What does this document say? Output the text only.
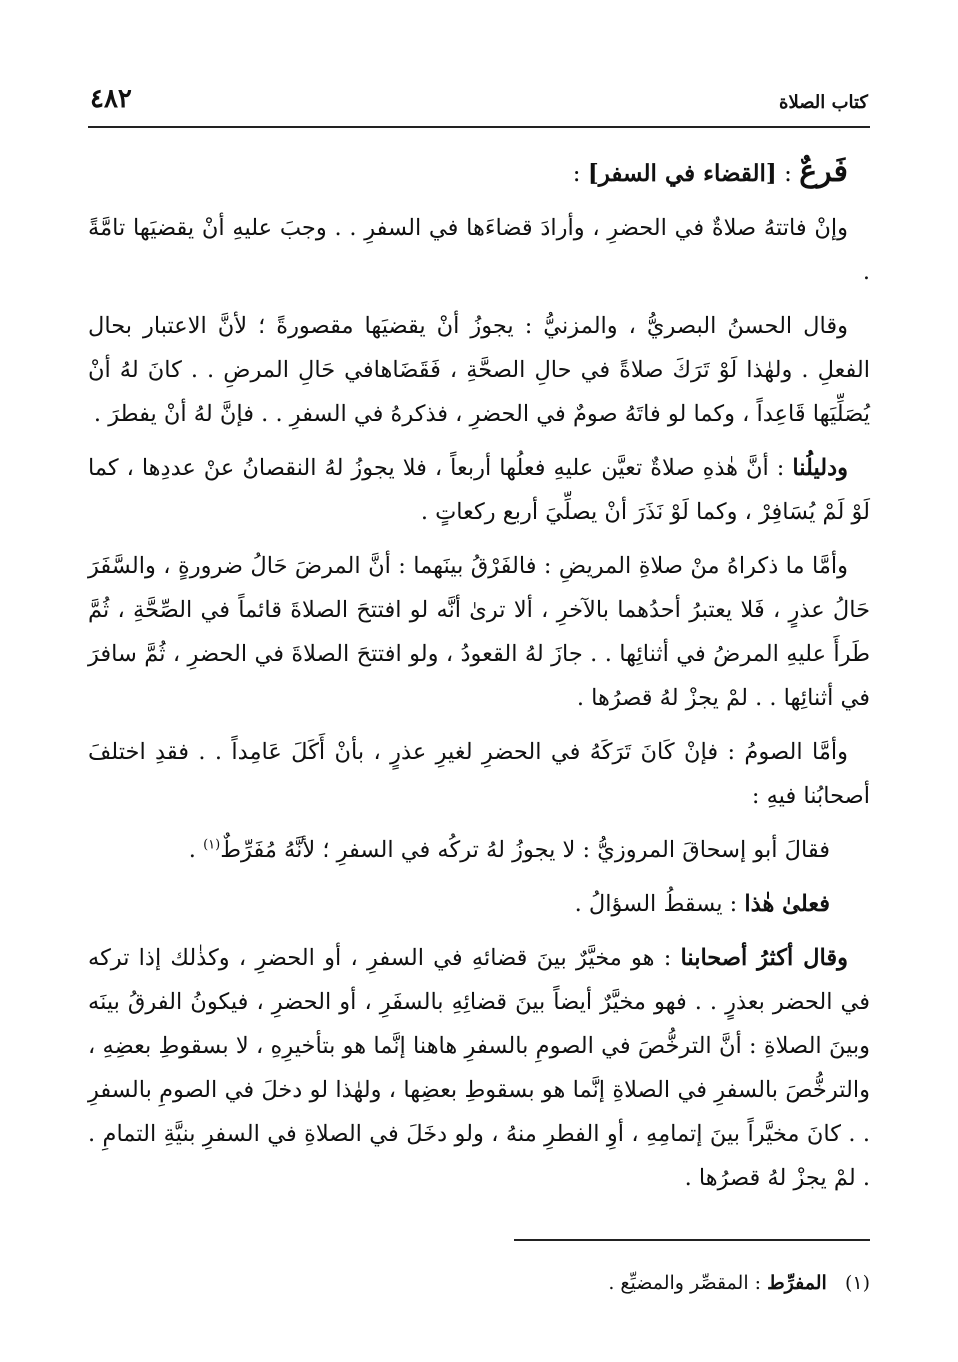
٤٨٢	كتاب الصلاة

فَرعٌ : [القضاء في السفر] :

وإنْ فاتتهُ صلاةٌ في الحضرِ ، وأرادَ قضاءَها في السفرِ . . وجبَ عليهِ أنْ يقضيَها تامَّةً .

وقال الحسنُ البصريُّ ، والمزنيُّ : يجوزُ أنْ يقضيَها مقصورةً ؛ لأنَّ الاعتبار بحال الفعلِ . ولهٰذا لَوْ تَرَكَ صلاةً في حالِ الصحَّةِ ، فَقَضَاهافي حَالِ المرضِ . . كانَ لهُ أنْ يُصَلِّيَها قَاعِداً ، وكما لو فاتَهُ صومٌ في الحضرِ ، فذكرهُ في السفرِ . . فإنَّ لهُ أنْ يفطرَ .

ودليلُنا : أنَّ هٰذهِ صلاةٌ تعيَّن عليهِ فعلُها أربعاً ، فلا يجوزُ لهُ النقصانُ عنْ عددِها ، كما لَوْ لَمْ يُسَافِرْ ، وكما لَوْ نَذَرَ أنْ يصلِّيَ أربع ركعاتٍ .

وأمَّا ما ذكراهُ منْ صلاةِ المريضِ : فالفَرْقُ بينَهما : أنَّ المرضَ حَالُ ضرورةٍ ، والسَّفَرَ حَالُ عذرٍ ، فَلا يعتبرُ أحدُهما بالآخرِ ، ألا ترىٰ أنَّه لو افتتحَ الصلاةَ قائماً في الصِّحَّةِ ، ثُمَّ طَرأَ عليهِ المرضُ في أثنائِها . . جازَ لهُ القعودُ ، ولو افتتحَ الصلاةَ في الحضرِ ، ثُمَّ سافرَ في أثنائِها . . لمْ يجزْ لهُ قصرُها .

وأمَّا الصومُ : فإنْ كَانَ تَرَكَهُ في الحضرِ لغيرِ عذرٍ ، بأنْ أَكَلَ عَامِداً . . فقدِ اختلفَ أصحابُنا فيهِ :

فقالَ أبو إسحاقَ المروزيُّ : لا يجوزُ لهُ تركُه في السفرِ ؛ لأنَّهُ مُفَرِّطٌ$^{(١)}$ .

فعلىٰ هٰذا : يسقطُ السؤالُ .

وقال أكثرُ أصحابنا : هو مخيَّرٌ بينَ قضائهِ في السفرِ ، أو الحضرِ ، وكذٰلك إذا تركه في الحضر بعذرٍ . . فهو مخيَّرٌ أيضاً بينَ قضائِهِ بالسفَرِ ، أو الحضرِ ، فيكونُ الفرقُ بينَه وبينَ الصلاةِ : أنَّ الترخُّصَ في الصومِ بالسفرِ هاهنا إنَّما هو بتأخيرِهِ ، لا بسقوطِ بعضِهِ ، والترخُّصَ بالسفرِ في الصلاةِ إنَّما هو بسقوطِ بعضِها ، ولهٰذا لو دخلَ في الصومِ بالسفرِ . . كانَ مخيَّراً بينَ إتمامِهِ ، أوِ الفطرِ منهُ ، ولو دخَلَ في الصلاةِ في السفرِ بنيَّةِ التمامِ . . لمْ يجزْ لهُ قصرُها .

(١)   المفرِّط : المقصِّر والمضيِّع .
